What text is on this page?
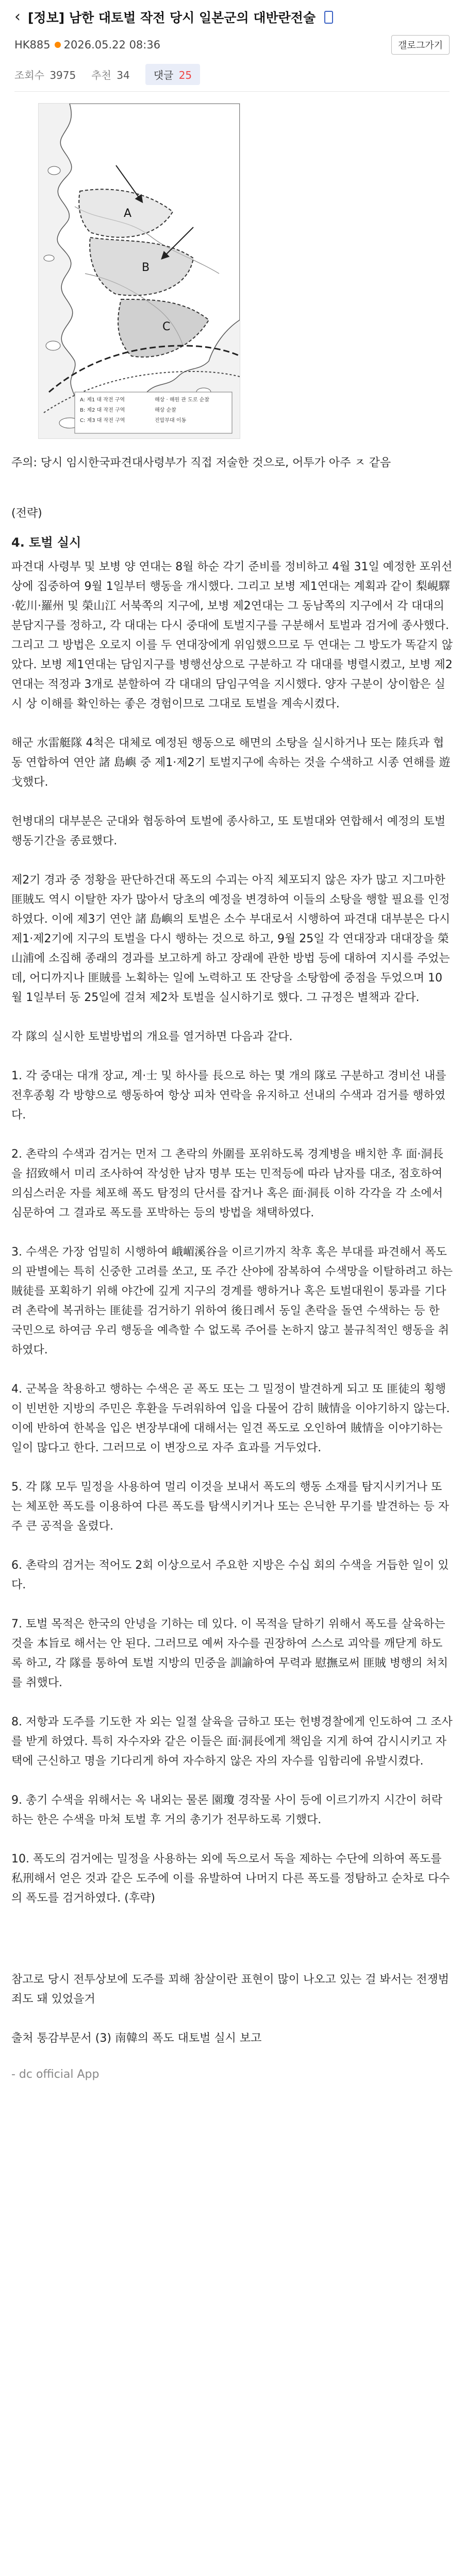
‹ [정보] 남한 대토벌 작전 당시 일본군의 대반란전술
HK885 2026.05.22 08:36	갤로그가기
조회수 3975 추천 34	댓글 25
A
B
C
A: 제1 대 작전 구역
B: 제2 대 작전 구역
C: 제3 대 작전 구역
해상 · 해원 관 도로 순찰
해상 순찰
진압부대 이동
주의: 당시 임시한국파견대사령부가 직접 저술한 것으로, 어투가 아주 ㅈ 같음

(전략)

4. 토벌 실시

파견대 사령부 및 보병 양 연대는 8월 하순 각기 준비를 정비하고 4월 31일 예정한 포위선상에 집중하여 9월 1일부터 행동을 개시했다. 그리고 보병 제1연대는 계획과 같이 梨峴驛·乾川·羅州 및 榮山江 서북쪽의 지구에, 보병 제2연대는 그 동남쪽의 지구에서 각 대대의 분담지구를 정하고, 각 대대는 다시 중대에 토벌지구를 구분해서 토벌과 검거에 종사했다. 그리고 그 방법은 오로지 이를 두 연대장에게 위임했으므로 두 연대는 그 방도가 똑같지 않았다. 보병 제1연대는 담임지구를 병행선상으로 구분하고 각 대대를 병렬시켰고, 보병 제2연대는 적정과 3개로 분할하여 각 대대의 담임구역을 지시했다. 양자 구분이 상이함은 실시 상 이해를 확인하는 좋은 경험이므로 그대로 토벌을 계속시켰다.

해군 水雷艇隊 4척은 대체로 예정된 행동으로 해면의 소탕을 실시하거나 또는 陸兵과 협동 연합하여 연안 諸 島嶼 중 제1·제2기 토벌지구에 속하는 것을 수색하고 시종 연해를 遊戈했다.

헌병대의 대부분은 군대와 협동하여 토벌에 종사하고, 또 토벌대와 연합해서 예정의 토벌 행동기간을 종료했다.

제2기 경과 중 정황을 판단하건대 폭도의 수괴는 아직 체포되지 않은 자가 많고 지그마한 匪賊도 역시 이탈한 자가 많아서 당초의 예정을 변경하여 이들의 소탕을 행할 필요를 인정하였다. 이에 제3기 연안 諸 島嶼의 토벌은 소수 부대로서 시행하여 파견대 대부분은 다시 제1·제2기에 지구의 토벌을 다시 행하는 것으로 하고, 9월 25일 각 연대장과 대대장을 榮山浦에 소집해 종래의 경과를 보고하게 하고 장래에 관한 방법 등에 대하여 지시를 주었는데, 어디까지나 匪賊를 노획하는 일에 노력하고 또 잔당을 소탕함에 중점을 두었으며 10월 1일부터 동 25일에 걸쳐 제2차 토벌을 실시하기로 했다. 그 규정은 별책과 같다.

각 隊의 실시한 토벌방법의 개요를 열거하면 다음과 같다.

1. 각 중대는 대개 장교, 계·士 및 하사를 長으로 하는 몇 개의 隊로 구분하고 경비선 내를 전후종횡 각 방향으로 행동하여 항상 피차 연락을 유지하고 선내의 수색과 검거를 행하였다.

2. 촌락의 수색과 검거는 먼저 그 촌락의 外圍를 포위하도록 경계병을 배치한 후 面·洞長을 招致해서 미리 조사하여 작성한 남자 명부 또는 민적등에 따라 남자를 대조, 점호하여 의심스러운 자를 체포해 폭도 탐정의 단서를 잡거나 혹은 面·洞長 이하 각각을 각 소에서 심문하여 그 결과로 폭도를 포박하는 등의 방법을 채택하였다.

3. 수색은 가장 엄밀히 시행하여 峨嵋溪谷을 이르기까지 착후 혹은 부대를 파견해서 폭도의 판별에는 특히 신중한 고려를 쏘고, 또 주간 산야에 잠복하여 수색망을 이탈하려고 하는 賊徒를 포획하기 위해 야간에 깊게 지구의 경계를 행하거나 혹은 토벌대원이 통과를 기다려 촌락에 복귀하는 匪徒를 검거하기 위하여 後日례서 동일 촌락을 돌연 수색하는 등 한 국민으로 하여금 우리 행동을 예측할 수 없도록 주어를 논하지 않고 불규칙적인 행동을 취하였다.

4. 군복을 착용하고 행하는 수색은 곧 폭도 또는 그 밀정이 발견하게 되고 또 匪徒의 횡행이 빈번한 지방의 주민은 후환을 두려워하여 입을 다물어 감히 賊情을 이야기하지 않는다. 이에 반하여 한복을 입은 변장부대에 대해서는 일견 폭도로 오인하여 賊情을 이야기하는 일이 많다고 한다. 그러므로 이 변장으로 자주 효과를 거두었다.

5. 각 隊 모두 밀정을 사용하여 멀리 이것을 보내서 폭도의 행동 소재를 탐지시키거나 또는 체포한 폭도를 이용하여 다른 폭도를 탐색시키거나 또는 은닉한 무기를 발견하는 등 자주 큰 공적을 올렸다.

6. 촌락의 검거는 적어도 2회 이상으로서 주요한 지방은 수십 회의 수색을 거듭한 일이 있다.

7. 토벌 목적은 한국의 안녕을 기하는 데 있다. 이 목적을 달하기 위해서 폭도를 살육하는 것을 本旨로 해서는 안 된다. 그러므로 예써 자수를 권장하여 스스로 괴악를 깨닫게 하도록 하고, 각 隊를 통하여 토벌 지방의 민중을 訓諭하여 무력과 慰撫로써 匪賊 병행의 처치를 취했다.

8. 저항과 도주를 기도한 자 외는 일절 살육을 금하고 또는 헌병경찰에게 인도하여 그 조사를 받게 하였다. 특히 자수자와 같은 이들은 面·洞長에게 책임을 지게 하여 감시시키고 자택에 근신하고 명을 기다리게 하여 자수하지 않은 자의 자수를 임함리에 유발시켰다.

9. 총기 수색을 위해서는 옥 내외는 물론 園瓊 경작물 사이 등에 이르기까지 시간이 허락하는 한은 수색을 마쳐 토벌 후 거의 총기가 전무하도록 기했다.

10. 폭도의 검거에는 밀정을 사용하는 외에 독으로서 독을 제하는 수단에 의하여 폭도를 私刑해서 얻은 것과 같은 도주에 이를 유발하여 나머지 다른 폭도를 정탐하고 순차로 다수의 폭도를 검거하였다. (후략)

참고로 당시 전투상보에 도주를 꾀해 참살이란 표현이 많이 나오고 있는 걸 봐서는 전쟁범죄도 돼 있었을거

출처 통감부문서 (3) 南韓의 폭도 대토벌 실시 보고

- dc official App
